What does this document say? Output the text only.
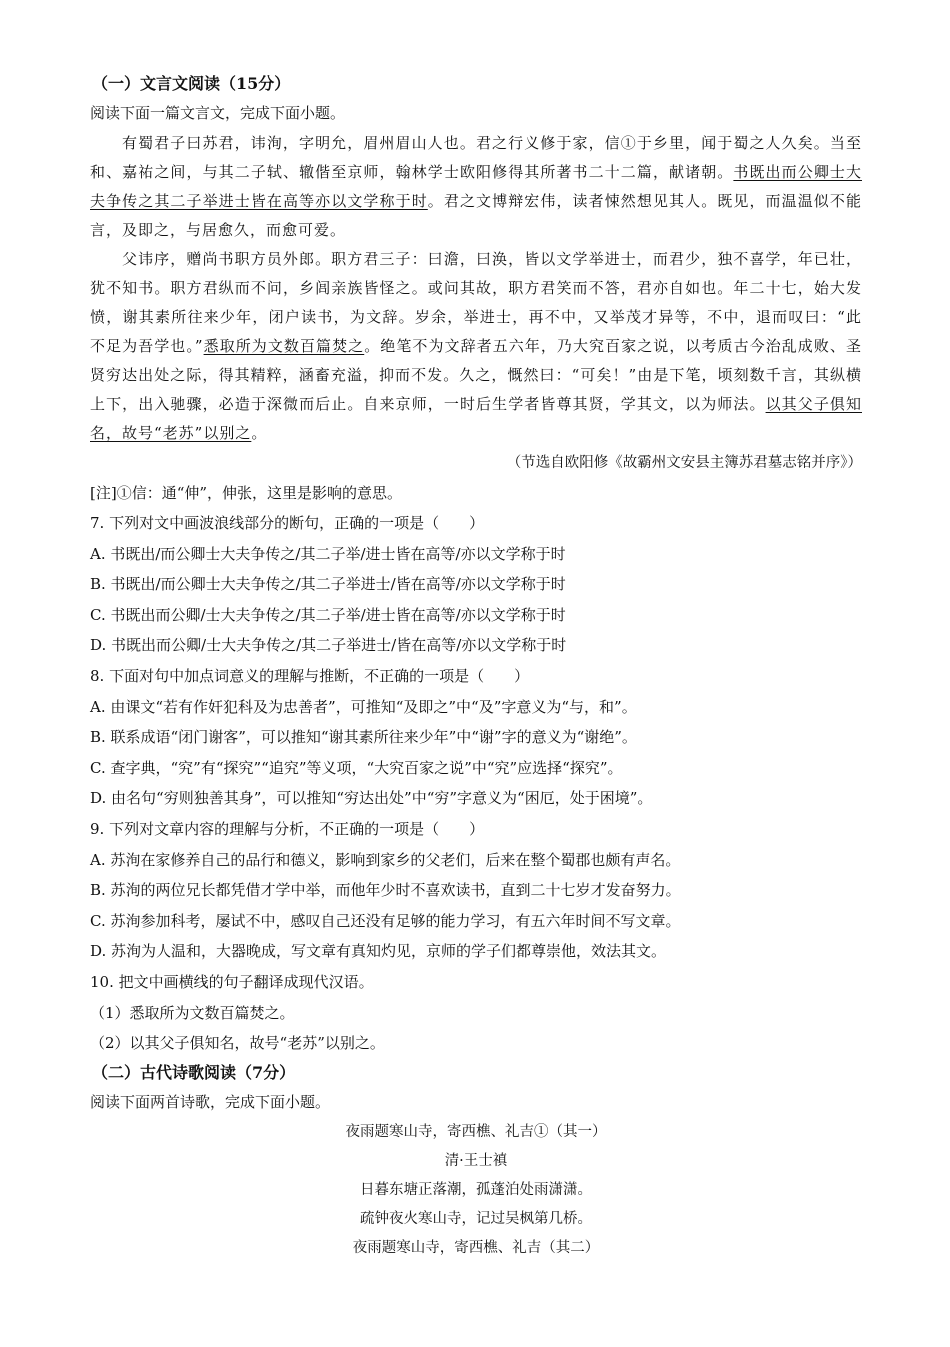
（一）文言文阅读（15分）
阅读下面一篇文言文，完成下面小题。
有蜀君子曰苏君，讳洵，字明允，眉州眉山人也。君之行义修于家，信①于乡里，闻于蜀之人久矣。当至和、嘉祐之间，与其二子轼、辙偕至京师，翰林学士欧阳修得其所著书二十二篇，献诸朝。书既出而公卿士大夫争传之其二子举进士皆在高等亦以文学称于时。君之文博辩宏伟，读者悚然想见其人。既见，而温温似不能言，及即之，与居愈久，而愈可爱。
父讳序，赠尚书职方员外郎。职方君三子：曰澹，曰涣，皆以文学举进士，而君少，独不喜学，年已壮，犹不知书。职方君纵而不问，乡闾亲族皆怪之。或问其故，职方君笑而不答，君亦自如也。年二十七，始大发愤，谢其素所往来少年，闭户读书，为文辞。岁余，举进士，再不中，又举茂才异等，不中，退而叹曰：“此不足为吾学也。”悉取所为文数百篇焚之。绝笔不为文辞者五六年，乃大究百家之说，以考质古今治乱成败、圣贤穷达出处之际，得其精粹，涵畜充溢，抑而不发。久之，慨然曰：“可矣！”由是下笔，顷刻数千言，其纵横上下，出入驰骤，必造于深微而后止。自来京师，一时后生学者皆尊其贤，学其文，以为师法。以其父子俱知名，故号“老苏”以别之。
（节选自欧阳修《故霸州文安县主簿苏君墓志铭并序》）
[注]①信：通“伸”，伸张，这里是影响的意思。
7. 下列对文中画波浪线部分的断句，正确的一项是（　　）
A. 书既出/而公卿士大夫争传之/其二子举/进士皆在高等/亦以文学称于时
B. 书既出/而公卿士大夫争传之/其二子举进士/皆在高等/亦以文学称于时
C. 书既出而公卿/士大夫争传之/其二子举/进士皆在高等/亦以文学称于时
D. 书既出而公卿/士大夫争传之/其二子举进士/皆在高等/亦以文学称于时
8. 下面对句中加点词意义的理解与推断，不正确的一项是（　　）
A. 由课文“若有作奸犯科及为忠善者”，可推知“及即之”中“及”字意义为“与，和”。
B. 联系成语“闭门谢客”，可以推知“谢其素所往来少年”中“谢”字的意义为“谢绝”。
C. 查字典，“究”有“探究”“追究”等义项，“大究百家之说”中“究”应选择“探究”。
D. 由名句“穷则独善其身”，可以推知“穷达出处”中“穷”字意义为“困厄，处于困境”。
9. 下列对文章内容的理解与分析，不正确的一项是（　　）
A. 苏洵在家修养自己的品行和德义，影响到家乡的父老们，后来在整个蜀郡也颇有声名。
B. 苏洵的两位兄长都凭借才学中举，而他年少时不喜欢读书，直到二十七岁才发奋努力。
C. 苏洵参加科考，屡试不中，感叹自己还没有足够的能力学习，有五六年时间不写文章。
D. 苏洵为人温和，大器晚成，写文章有真知灼见，京师的学子们都尊崇他，效法其文。
10. 把文中画横线的句子翻译成现代汉语。
（1）悉取所为文数百篇焚之。
（2）以其父子俱知名，故号“老苏”以别之。
（二）古代诗歌阅读（7分）
阅读下面两首诗歌，完成下面小题。
夜雨题寒山寺，寄西樵、礼吉①（其一）
清·王士禛
日暮东塘正落潮，孤蓬泊处雨潇潇。
疏钟夜火寒山寺，记过吴枫第几桥。
夜雨题寒山寺，寄西樵、礼吉（其二）
